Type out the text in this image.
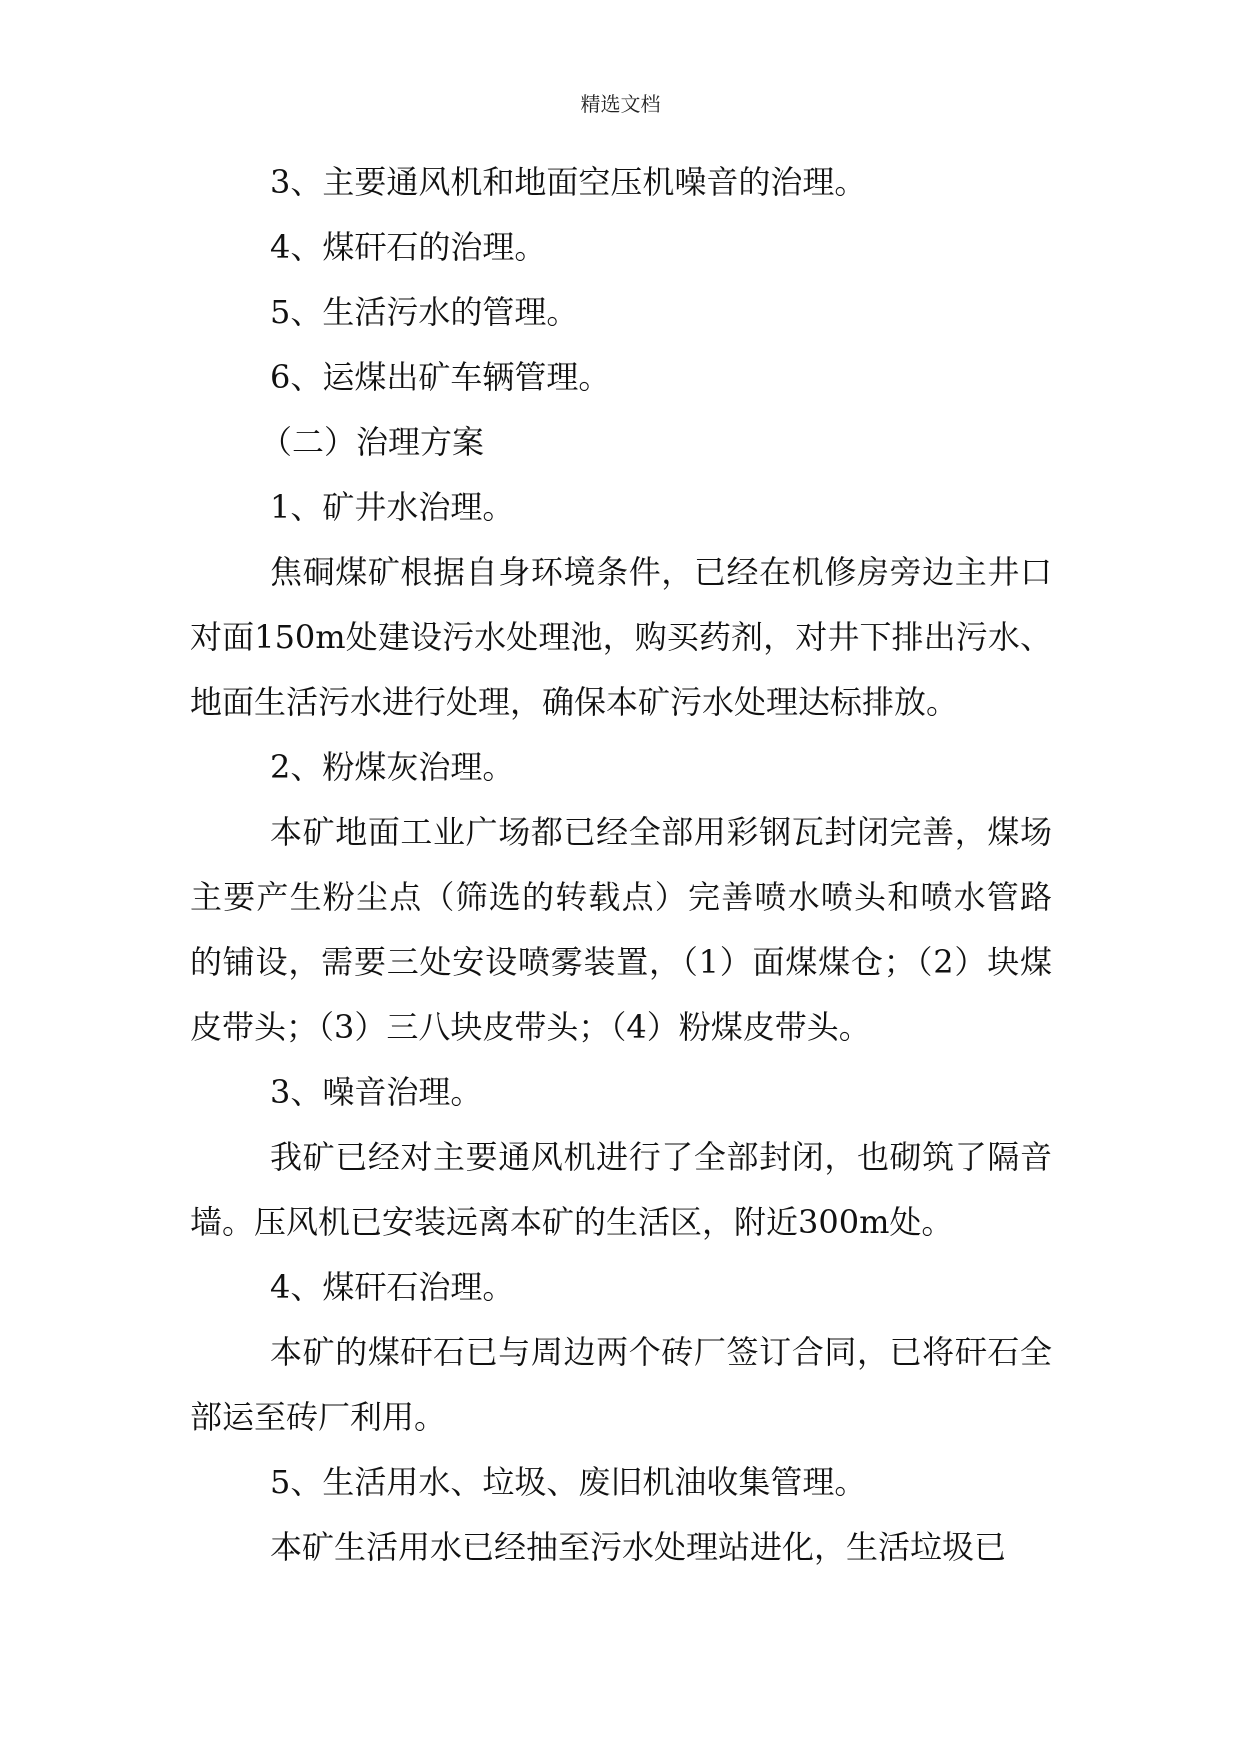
精选文档

3、主要通风机和地面空压机噪音的治理。

4、煤矸石的治理。

5、生活污水的管理。

6、运煤出矿车辆管理。

（二）治理方案

1、矿井水治理。

焦硐煤矿根据自身环境条件，已经在机修房旁边主井口对面150m处建设污水处理池，购买药剂，对井下排出污水、地面生活污水进行处理，确保本矿污水处理达标排放。

2、粉煤灰治理。

本矿地面工业广场都已经全部用彩钢瓦封闭完善，煤场主要产生粉尘点（筛选的转载点）完善喷水喷头和喷水管路的铺设，需要三处安设喷雾装置，（1）面煤煤仓；（2）块煤皮带头；（3）三八块皮带头；（4）粉煤皮带头。

3、噪音治理。

我矿已经对主要通风机进行了全部封闭，也砌筑了隔音墙。压风机已安装远离本矿的生活区，附近300m处。

4、煤矸石治理。

本矿的煤矸石已与周边两个砖厂签订合同，已将矸石全部运至砖厂利用。

5、生活用水、垃圾、废旧机油收集管理。

本矿生活用水已经抽至污水处理站进化，生活垃圾已
